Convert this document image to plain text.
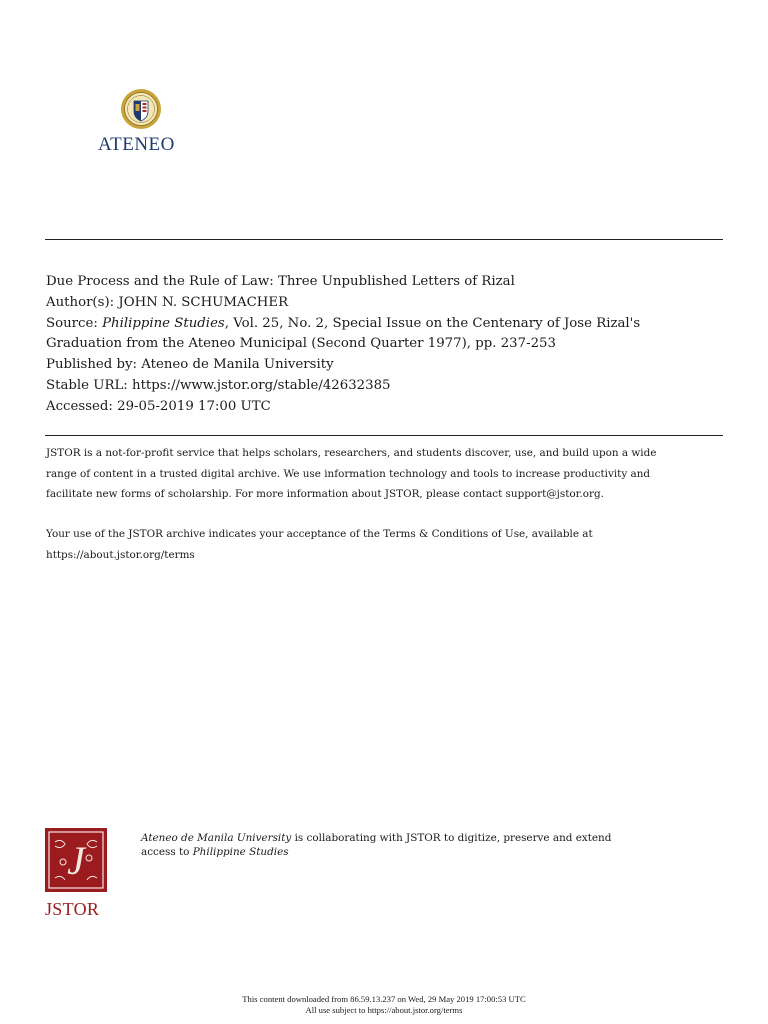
ATENEO
Due Process and the Rule of Law: Three Unpublished Letters of Rizal
Author(s): JOHN N. SCHUMACHER
Source: Philippine Studies, Vol. 25, No. 2, Special Issue on the Centenary of Jose Rizal's
Graduation from the Ateneo Municipal (Second Quarter 1977), pp. 237-253
Published by: Ateneo de Manila University
Stable URL: https://www.jstor.org/stable/42632385
Accessed: 29-05-2019 17:00 UTC
JSTOR is a not-for-profit service that helps scholars, researchers, and students discover, use, and build upon a wide
range of content in a trusted digital archive. We use information technology and tools to increase productivity and
facilitate new forms of scholarship. For more information about JSTOR, please contact support@jstor.org.
Your use of the JSTOR archive indicates your acceptance of the Terms & Conditions of Use, available at
https://about.jstor.org/terms
J
JSTOR
Ateneo de Manila University is collaborating with JSTOR to digitize, preserve and extend
access to Philippine Studies
This content downloaded from 86.59.13.237 on Wed, 29 May 2019 17:00:53 UTC
All use subject to https://about.jstor.org/terms
